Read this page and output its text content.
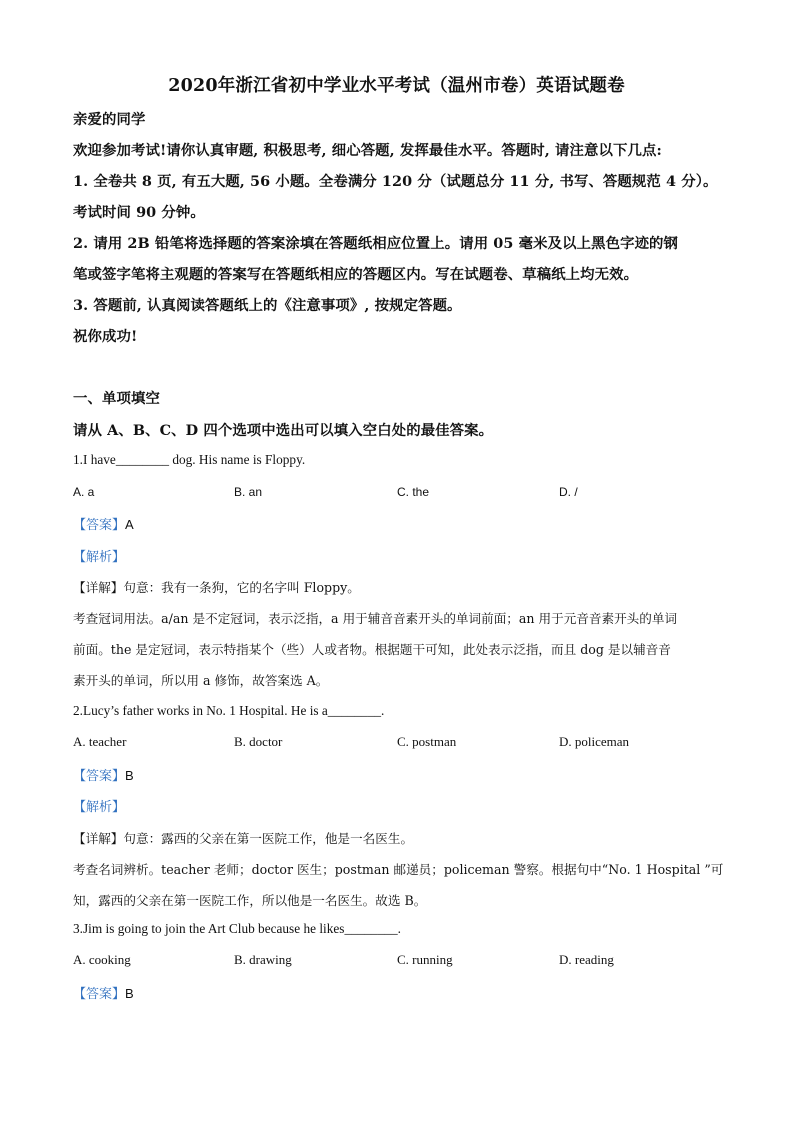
2020年浙江省初中学业水平考试（温州市卷）英语试题卷
亲爱的同学
欢迎参加考试!请你认真审题, 积极思考, 细心答题, 发挥最佳水平。答题时, 请注意以下几点:
1. 全卷共 8 页, 有五大题, 56 小题。全卷满分 120 分（试题总分 11 分, 书写、答题规范 4 分）。
考试时间 90 分钟。
2. 请用 2B 铅笔将选择题的答案涂填在答题纸相应位置上。请用 05 毫米及以上黑色字迹的钢
笔或签字笔将主观题的答案写在答题纸相应的答题区内。写在试题卷、草稿纸上均无效。
3. 答题前, 认真阅读答题纸上的《注意事项》, 按规定答题。
祝你成功!
一、单项填空
请从 A、B、C、D 四个选项中选出可以填入空白处的最佳答案。
1.I have________ dog. His name is Floppy.
A. a	B. an	C. the	D. /
【答案】A
【解析】
【详解】句意：我有一条狗，它的名字叫 Floppy。
考查冠词用法。a/an 是不定冠词，表示泛指，a 用于辅音音素开头的单词前面；an 用于元音音素开头的单词
前面。the 是定冠词，表示特指某个（些）人或者物。根据题干可知，此处表示泛指，而且 dog 是以辅音音
素开头的单词，所以用 a 修饰，故答案选 A。
2.Lucy’s father works in No. 1 Hospital. He is a________.
A. teacher	B. doctor	C. postman	D. policeman
【答案】B
【解析】
【详解】句意：露西的父亲在第一医院工作，他是一名医生。
考查名词辨析。teacher 老师；doctor 医生；postman 邮递员；policeman 警察。根据句中“No. 1 Hospital ”可
知，露西的父亲在第一医院工作，所以他是一名医生。故选 B。
3.Jim is going to join the Art Club because he likes________.
A. cooking	B. drawing	C. running	D. reading
【答案】B
